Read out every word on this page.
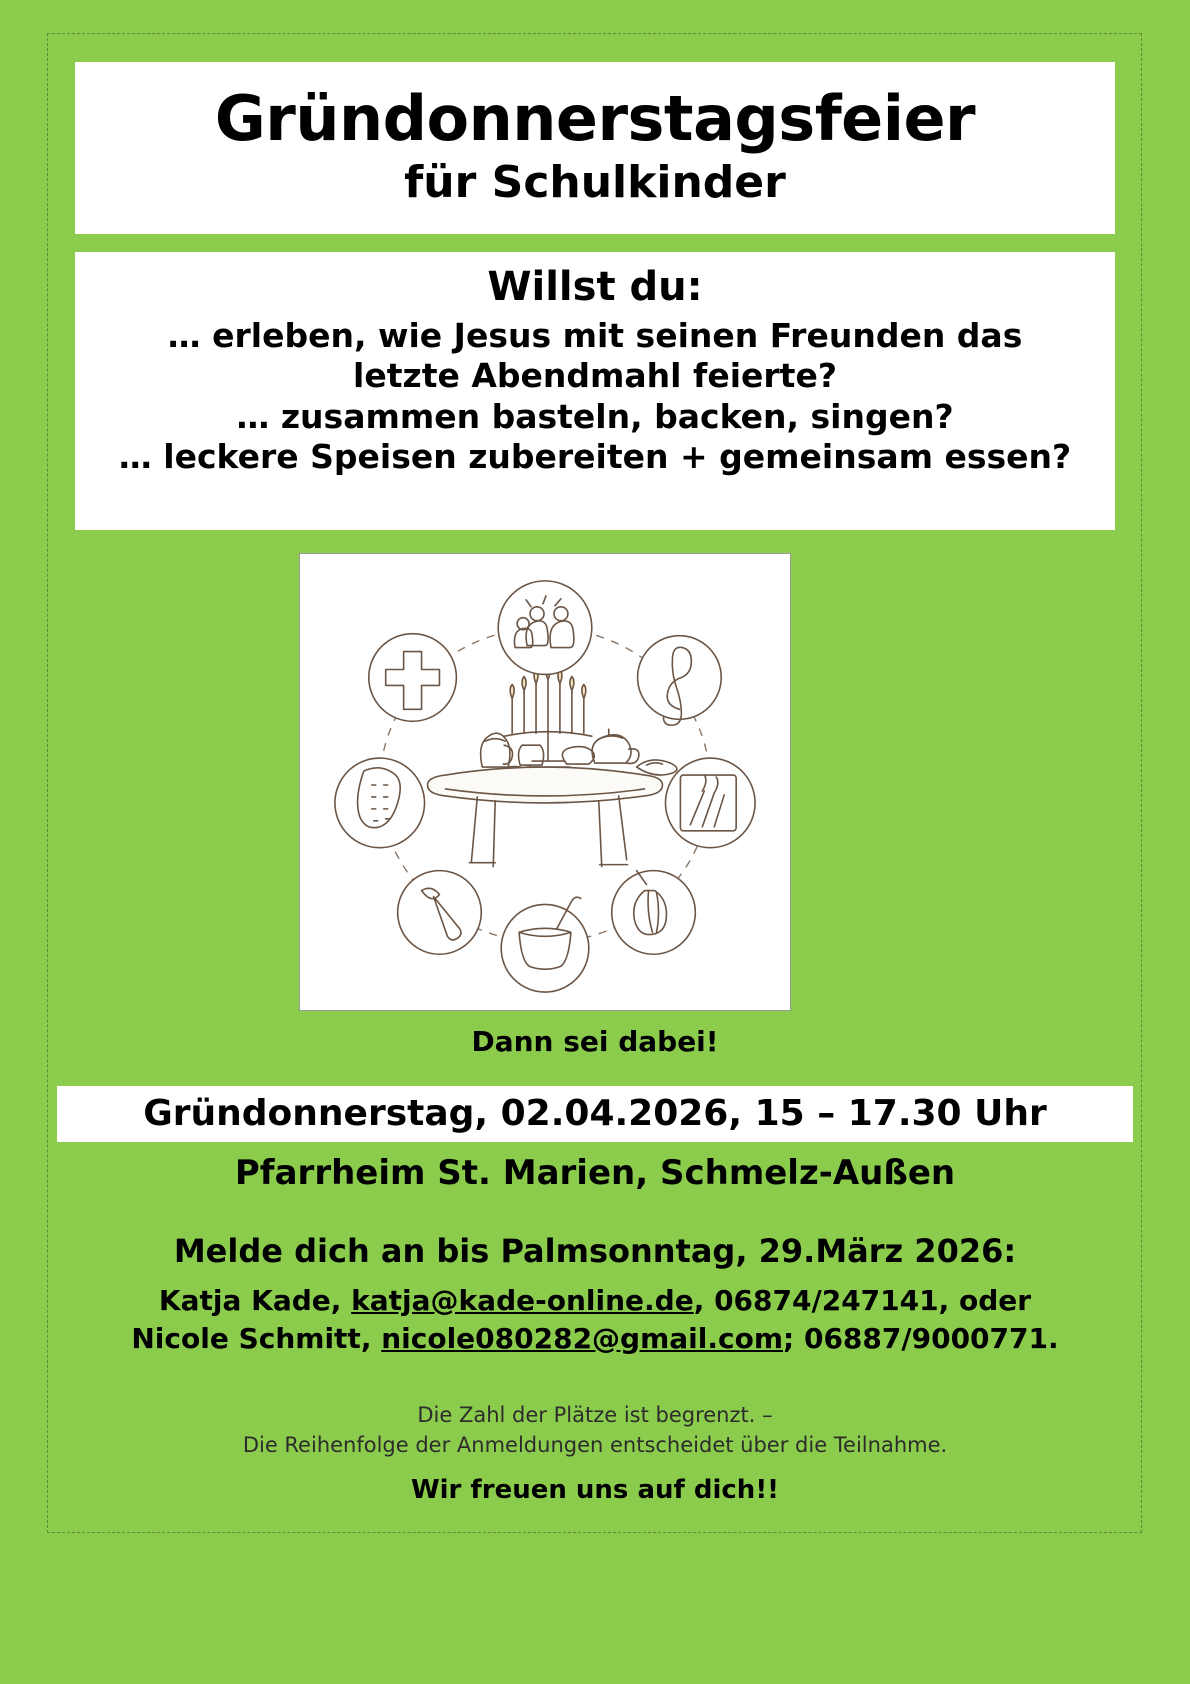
Gründonnerstagsfeier
für Schulkinder
Willst du:
… erleben, wie Jesus mit seinen Freunden das
letzte Abendmahl feierte?
… zusammen basteln, backen, singen?
… leckere Speisen zubereiten + gemeinsam essen?
Dann sei dabei!
Gründonnerstag, 02.04.2026, 15 – 17.30 Uhr
Pfarrheim St. Marien, Schmelz-Außen
Melde dich an bis Palmsonntag, 29.März 2026:
Katja Kade, katja@kade-online.de, 06874/247141, oder
Nicole Schmitt, nicole080282@gmail.com; 06887/9000771.
Die Zahl der Plätze ist begrenzt. –
Die Reihenfolge der Anmeldungen entscheidet über die Teilnahme.
Wir freuen uns auf dich!!
